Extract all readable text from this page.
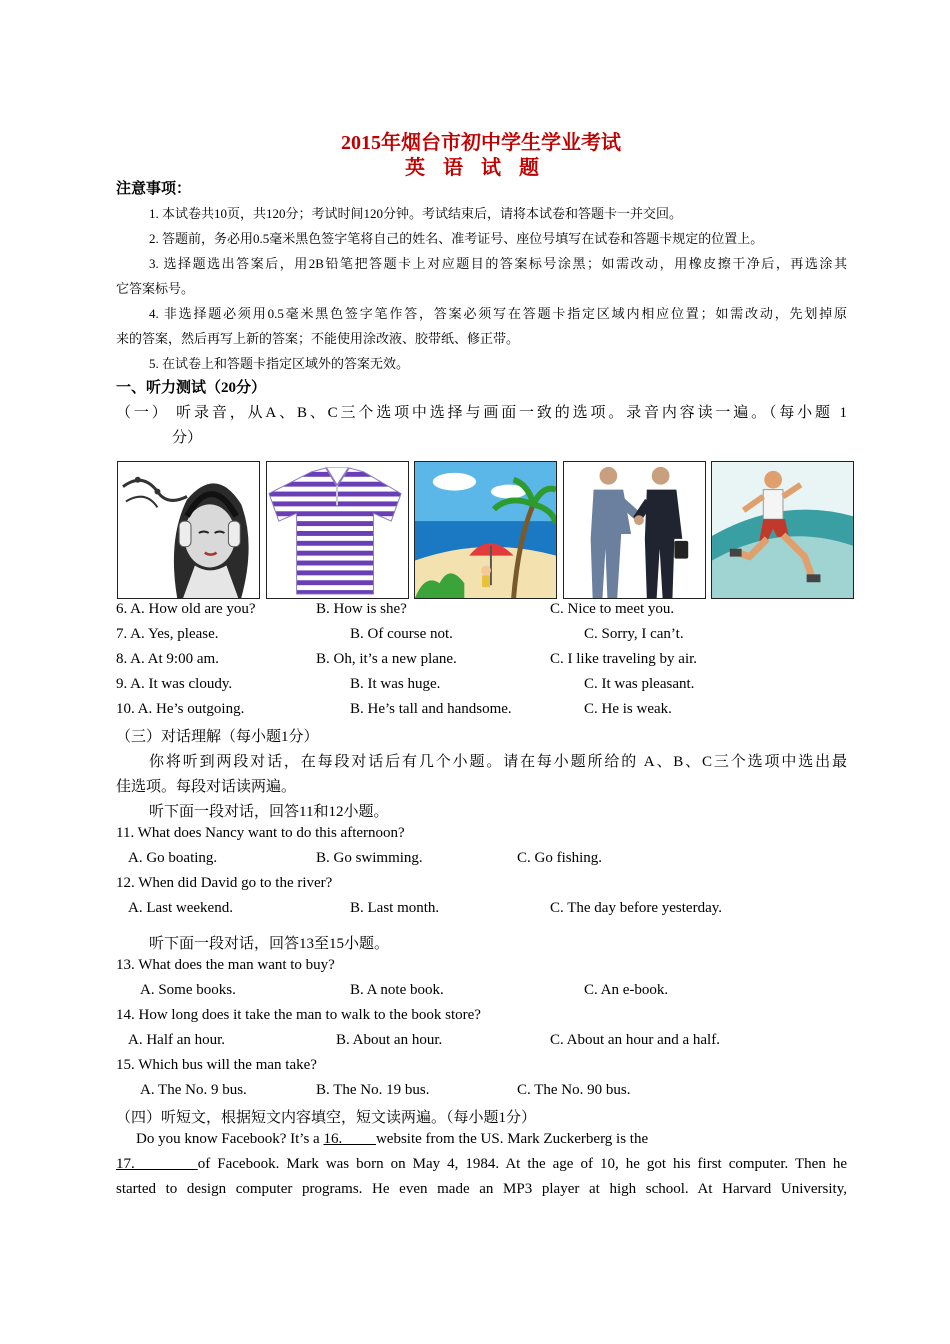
2015年烟台市初中学生学业考试
英语试题
注意事项：
1. 本试卷共10页，共120分；考试时间120分钟。考试结束后，请将本试卷和答题卡一并交回。
2. 答题前，务必用0.5毫米黑色签字笔将自己的姓名、准考证号、座位号填写在试卷和答题卡规定的位置上。
3. 选择题选出答案后，用2B铅笔把答题卡上对应题目的答案标号涂黑；如需改动，用橡皮擦干净后，再选涂其
它答案标号。
4. 非选择题必须用0.5毫米黑色签字笔作答，答案必须写在答题卡指定区域内相应位置；如需改动，先划掉原
来的答案，然后再写上新的答案；不能使用涂改液、胶带纸、修正带。
5. 在试卷上和答题卡指定区域外的答案无效。
一、听力测试（20分）
（一） 听录音，从A、B、C三个选项中选择与画面一致的选项。录音内容读一遍。（每小题 1
分）
6. A. How old are you?	B. How is she?	C. Nice to meet you.
7. A. Yes, please.	B. Of course not.	C. Sorry, I can’t.
8. A. At 9:00 am.	B. Oh, it’s a new plane.	C. I like traveling by air.
9. A. It was cloudy.	B. It was huge.	C. It was pleasant.
10. A. He’s outgoing.	B. He’s tall and handsome.	C. He is weak.
（三）对话理解（每小题1分）
你将听到两段对话，在每段对话后有几个小题。请在每小题所给的 A、B、C三个选项中选出最
佳选项。每段对话读两遍。
听下面一段对话，回答11和12小题。
11. What does Nancy want to do this afternoon?
A. Go boating.	B. Go swimming.	C. Go fishing.
12. When did David go to the river?
A. Last weekend.	B. Last month.	C. The day before yesterday.
听下面一段对话，回答13至15小题。
13. What does the man want to buy?
A. Some books.	B. A note book.	C. An e-book.
14. How long does it take the man to walk to the book store?
A. Half an hour.	B. About an hour.	C. About an hour and a half.
15. Which bus will the man take?
A. The No. 9 bus.	B. The No. 19 bus.	C. The No. 90 bus.
（四）听短文，根据短文内容填空，短文读两遍。（每小题1分）
Do you know Facebook? It’s a 16.         website from the US. Mark Zuckerberg is the
17.         of Facebook. Mark was born on May 4, 1984. At the age of 10, he got his first computer. Then he
started to design computer programs. He even made an MP3 player at high school. At Harvard University,
